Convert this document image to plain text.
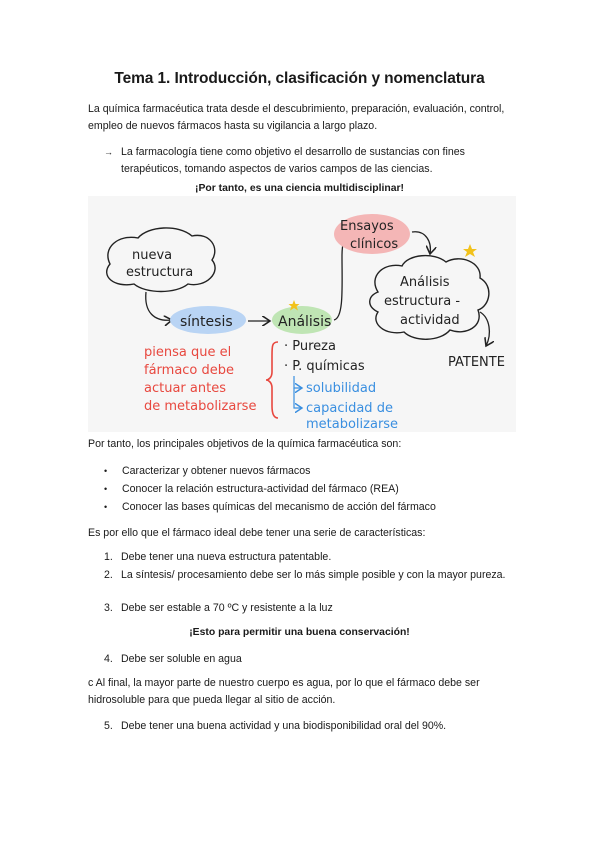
Tema 1. Introducción, clasificación y nomenclatura

La química farmacéutica trata desde el descubrimiento, preparación, evaluación, control, empleo de nuevos fármacos hasta su vigilancia a largo plazo.

→ La farmacología tiene como objetivo el desarrollo de sustancias con fines terapéuticos, tomando aspectos de varios campos de las ciencias.
¡Por tanto, es una ciencia multidisciplinar!
nueva
estructura
síntesis	Análisis
Ensayos
clínicos
Análisis
estructura -
actividad
PATENTE
piensa que el
fármaco debe
actuar antes
de metabolizarse
· Pureza
· P. químicas
solubilidad
capacidad de
metabolizarse

Por tanto, los principales objetivos de la química farmacéutica son:

• Caracterizar y obtener nuevos fármacos
• Conocer la relación estructura-actividad del fármaco (REA)
• Conocer las bases químicas del mecanismo de acción del fármaco

Es por ello que el fármaco ideal debe tener una serie de características:

1. Debe tener una nueva estructura patentable.
2. La síntesis/ procesamiento debe ser lo más simple posible y con la mayor pureza.
3. Debe ser estable a 70 ºC y resistente a la luz
¡Esto para permitir una buena conservación!
4. Debe ser soluble en agua

c Al final, la mayor parte de nuestro cuerpo es agua, por lo que el fármaco debe ser hidrosoluble para que pueda llegar al sitio de acción.

5. Debe tener una buena actividad y una biodisponibilidad oral del 90%.
